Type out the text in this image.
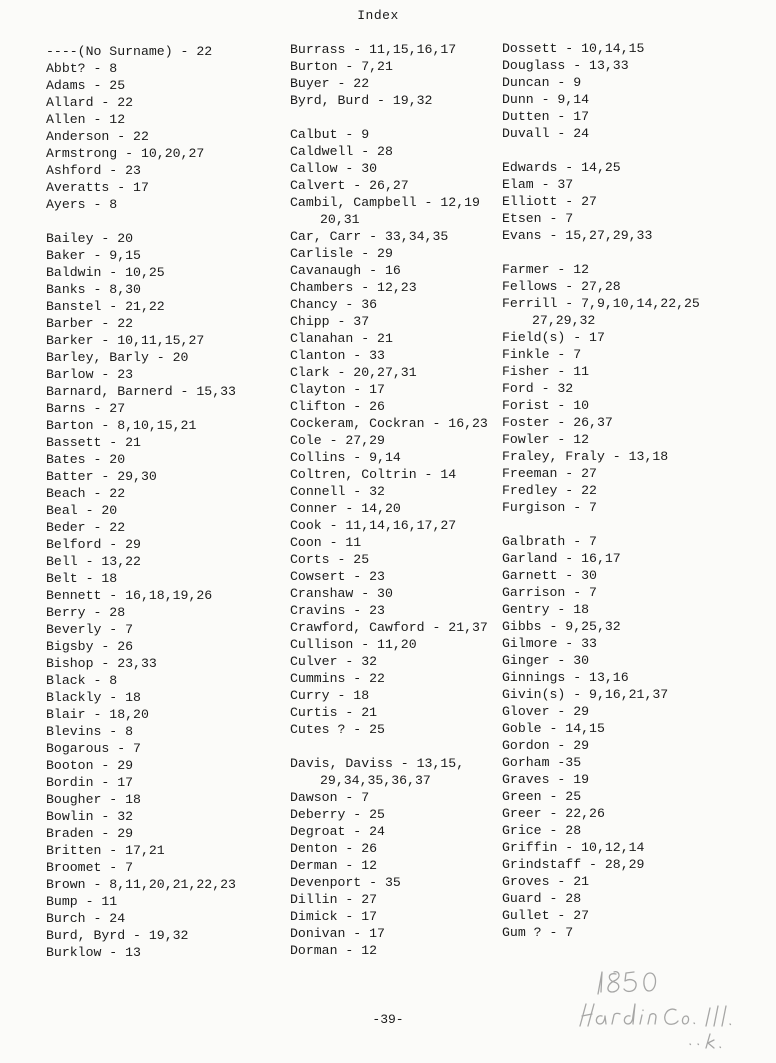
Index
----(No Surname) - 22
Abbt? - 8
Adams - 25
Allard - 22
Allen - 12
Anderson - 22
Armstrong - 10,20,27
Ashford - 23
Averatts - 17
Ayers - 8
Bailey - 20
Baker - 9,15
Baldwin - 10,25
Banks - 8,30
Banstel - 21,22
Barber - 22
Barker - 10,11,15,27
Barley, Barly - 20
Barlow - 23
Barnard, Barnerd - 15,33
Barns - 27
Barton - 8,10,15,21
Bassett - 21
Bates - 20
Batter - 29,30
Beach - 22
Beal - 20
Beder - 22
Belford - 29
Bell - 13,22
Belt - 18
Bennett - 16,18,19,26
Berry - 28
Beverly - 7
Bigsby - 26
Bishop - 23,33
Black - 8
Blackly - 18
Blair - 18,20
Blevins - 8
Bogarous - 7
Booton - 29
Bordin - 17
Bougher - 18
Bowlin - 32
Braden - 29
Britten - 17,21
Broomet - 7
Brown - 8,11,20,21,22,23
Bump - 11
Burch - 24
Burd, Byrd - 19,32
Burklow - 13
Burrass - 11,15,16,17
Burton - 7,21
Buyer - 22
Byrd, Burd - 19,32
Calbut - 9
Caldwell - 28
Callow - 30
Calvert - 26,27
Cambil, Campbell - 12,19
20,31
Car, Carr - 33,34,35
Carlisle - 29
Cavanaugh - 16
Chambers - 12,23
Chancy - 36
Chipp - 37
Clanahan - 21
Clanton - 33
Clark - 20,27,31
Clayton - 17
Clifton - 26
Cockeram, Cockran - 16,23
Cole - 27,29
Collins - 9,14
Coltren, Coltrin - 14
Connell - 32
Conner - 14,20
Cook - 11,14,16,17,27
Coon - 11
Corts - 25
Cowsert - 23
Cranshaw - 30
Cravins - 23
Crawford, Cawford - 21,37
Cullison - 11,20
Culver - 32
Cummins - 22
Curry - 18
Curtis - 21
Cutes ? - 25
Davis, Daviss - 13,15,
29,34,35,36,37
Dawson - 7
Deberry - 25
Degroat - 24
Denton - 26
Derman - 12
Devenport - 35
Dillin - 27
Dimick - 17
Donivan - 17
Dorman - 12
Dossett - 10,14,15
Douglass - 13,33
Duncan - 9
Dunn - 9,14
Dutten - 17
Duvall - 24
Edwards - 14,25
Elam - 37
Elliott - 27
Etsen - 7
Evans - 15,27,29,33
Farmer - 12
Fellows - 27,28
Ferrill - 7,9,10,14,22,25
27,29,32
Field(s) - 17
Finkle - 7
Fisher - 11
Ford - 32
Forist - 10
Foster - 26,37
Fowler - 12
Fraley, Fraly - 13,18
Freeman - 27
Fredley - 22
Furgison - 7
Galbrath - 7
Garland - 16,17
Garnett - 30
Garrison - 7
Gentry - 18
Gibbs - 9,25,32
Gilmore - 33
Ginger - 30
Ginnings - 13,16
Givin(s) - 9,16,21,37
Glover - 29
Goble - 14,15
Gordon - 29
Gorham -35
Graves - 19
Green - 25
Greer - 22,26
Grice - 28
Griffin - 10,12,14
Grindstaff - 28,29
Groves - 21
Guard - 28
Gullet - 27
Gum ? - 7
-39-
